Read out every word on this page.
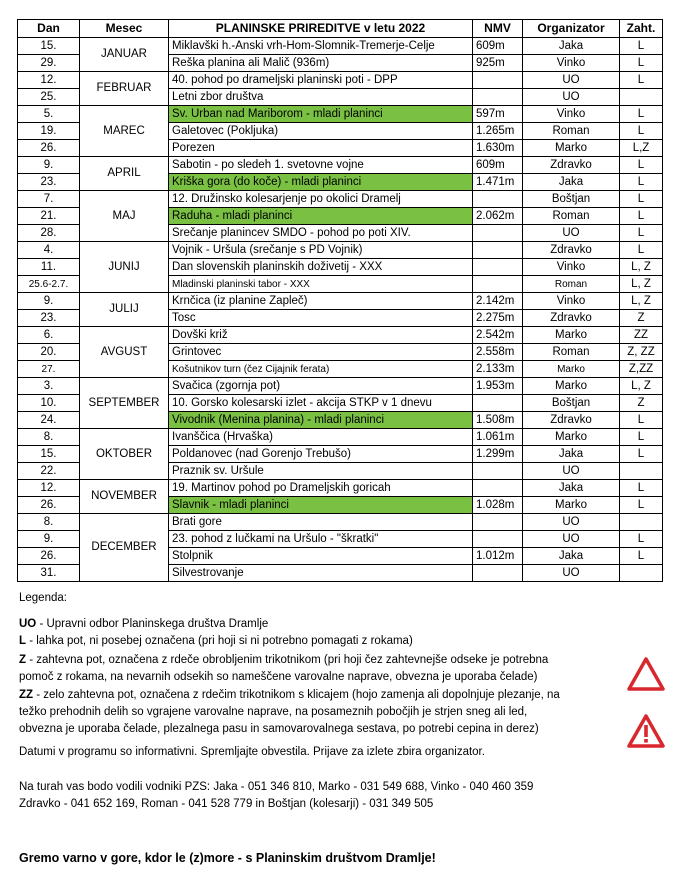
Dan	Mesec	PLANINSKE PRIREDITVE v letu 2022	NMV	Organizator	Zaht.
15.	JANUAR	Miklavški h.-Anski vrh-Hom-Slomnik-Tremerje-Celje	609m	Jaka	L
29.		Reška planina ali Malič (936m)	925m	Vinko	L
12.	FEBRUAR	40. pohod po drameljski planinski poti - DPP		UO	L
25.		Letni zbor društva		UO	
5.	MAREC	Sv. Urban nad Mariborom - mladi planinci	597m	Vinko	L
19.		Galetovec (Pokljuka)	1.265m	Roman	L
26.		Porezen	1.630m	Marko	L,Z
9.	APRIL	Sabotin - po sledeh 1. svetovne vojne	609m	Zdravko	L
23.		Kriška gora (do koče) - mladi planinci	1.471m	Jaka	L
7.	MAJ	12. Družinsko kolesarjenje po okolici Dramelj		Boštjan	L
21.		Raduha - mladi planinci	2.062m	Roman	L
28.		Srečanje planincev SMDO - pohod po poti XIV.		UO	L
4.	JUNIJ	Vojnik - Uršula (srečanje s PD Vojnik)		Zdravko	L
11.		Dan slovenskih planinskih doživetij - XXX		Vinko	L, Z
25.6-2.7.		Mladinski planinski tabor - XXX		Roman	L, Z
9.	JULIJ	Krnčica (iz planine Zapleč)	2.142m	Vinko	L, Z
23.		Tosc	2.275m	Zdravko	Z
6.	AVGUST	Dovški križ	2.542m	Marko	ZZ
20.		Grintovec	2.558m	Roman	Z, ZZ
27.		Košutnikov turn (čez Cijajnik ferata)	2.133m	Marko	Z,ZZ
3.	SEPTEMBER	Svačica (zgornja pot)	1.953m	Marko	L, Z
10.		10. Gorsko kolesarski izlet - akcija STKP v 1 dnevu		Boštjan	Z
24.		Vivodnik (Menina planina) - mladi planinci	1.508m	Zdravko	L
8.	OKTOBER	Ivanščica (Hrvaška)	1.061m	Marko	L
15.		Poldanovec (nad Gorenjo Trebušo)	1.299m	Jaka	L
22.		Praznik sv. Uršule		UO	
12.	NOVEMBER	19. Martinov pohod po Drameljskih goricah		Jaka	L
26.		Slavnik - mladi planinci	1.028m	Marko	L
8.	DECEMBER	Brati gore		UO	
9.		23. pohod z lučkami na Uršulo - "škratki"		UO	L
26.		Stolpnik	1.012m	Jaka	L
31.		Silvestrovanje		UO	
Legenda:
UO - Upravni odbor Planinskega društva Dramlje
L - lahka pot, ni posebej označena (pri hoji si ni potrebno pomagati z rokama)
Z - zahtevna pot, označena z rdeče obrobljenim trikotnikom (pri hoji čez zahtevnejše odseke je potrebna
pomoč z rokama, na nevarnih odsekih so nameščene varovalne naprave, obvezna je uporaba čelade)
ZZ - zelo zahtevna pot, označena z rdečim trikotnikom s klicajem (hojo zamenja ali dopolnjuje plezanje, na
težko prehodnih delih so vgrajene varovalne naprave, na posameznih pobočjih je strjen sneg ali led,
obvezna je uporaba čelade, plezalnega pasu in samovarovalnega sestava, po potrebi cepina in derez)
Datumi v programu so informativni. Spremljajte obvestila. Prijave za izlete zbira organizator.
Na turah vas bodo vodili vodniki PZS: Jaka - 051 346 810, Marko - 031 549 688, Vinko - 040 460 359
Zdravko - 041 652 169, Roman - 041 528 779 in Boštjan (kolesarji) - 031 349 505
Gremo varno v gore, kdor le (z)more - s Planinskim društvom Dramlje!
